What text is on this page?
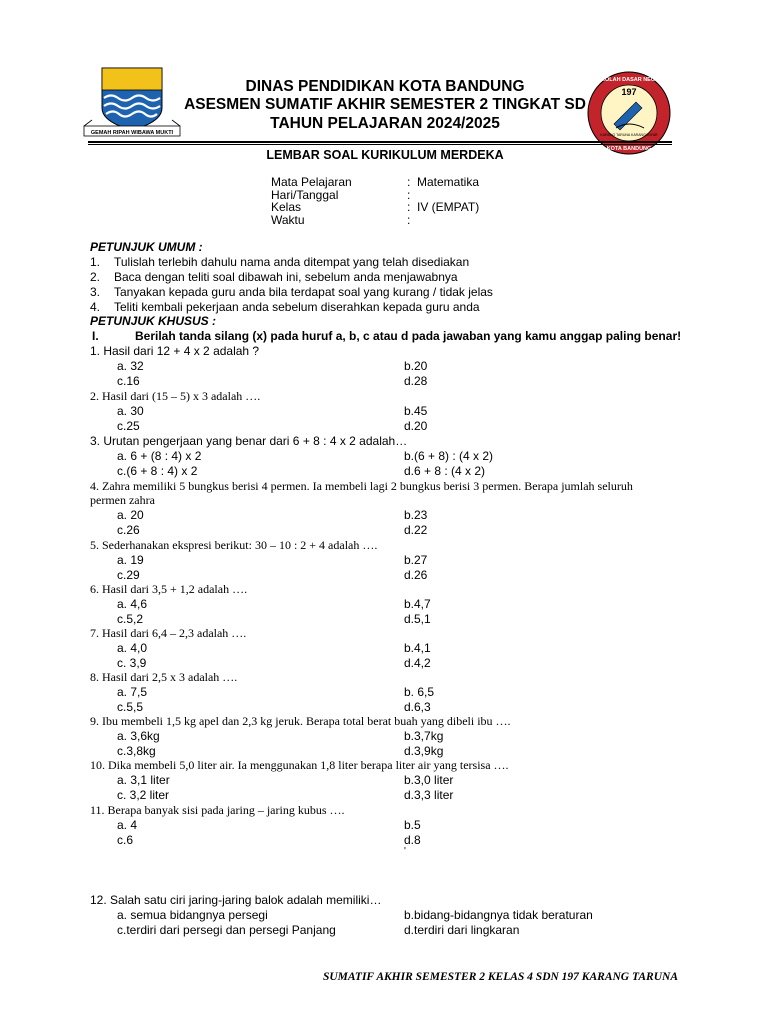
GEMAH RIPAH WIBAWA MUKTI
197
SEKOLAH DASAR NEGERI
KOTA BANDUNG
KARANG TARUNA KARANGANYAR
DINAS PENDIDIKAN KOTA BANDUNG
ASESMEN SUMATIF AKHIR SEMESTER 2 TINGKAT SD
TAHUN PELAJARAN 2024/2025
LEMBAR SOAL KURIKULUM MERDEKA
Mata Pelajaran	: Matematika
Hari/Tanggal	:
Kelas	: IV (EMPAT)
Waktu	:
PETUNJUK UMUM :
1. Tulislah terlebih dahulu nama anda ditempat yang telah disediakan
2. Baca dengan teliti soal dibawah ini, sebelum anda menjawabnya
3. Tanyakan kepada guru anda bila terdapat soal yang kurang / tidak jelas
4. Teliti kembali pekerjaan anda sebelum diserahkan kepada guru anda
PETUNJUK KHUSUS :
I.	Berilah tanda silang (x) pada huruf a, b, c atau d pada jawaban yang kamu anggap paling benar!
1. Hasil dari 12 + 4 x 2 adalah ?
a. 32	b.20
c.16	d.28
2. Hasil dari (15 – 5) x 3 adalah ….
a. 30	b.45
c.25	d.20
3. Urutan pengerjaan yang benar dari 6 + 8 : 4 x 2 adalah…
a. 6 + (8 : 4) x 2	b.(6 + 8) : (4 x 2)
c.(6 + 8 : 4) x 2	d.6 + 8 : (4 x 2)
4. Zahra memiliki 5 bungkus berisi 4 permen. Ia membeli lagi 2 bungkus berisi 3 permen. Berapa jumlah seluruh permen zahra
a. 20	b.23
c.26	d.22
5. Sederhanakan ekspresi berikut: 30 – 10 : 2 + 4 adalah ….
a. 19	b.27
c.29	d.26
6. Hasil dari 3,5 + 1,2 adalah ….
a. 4,6	b.4,7
c.5,2	d.5,1
7. Hasil dari 6,4 – 2,3 adalah ….
a. 4,0	b.4,1
c. 3,9	d.4,2
8. Hasil dari 2,5 x 3 adalah ….
a. 7,5	b. 6,5
c.5,5	d.6,3
9. Ibu membeli 1,5 kg apel dan 2,3 kg jeruk. Berapa total berat buah yang dibeli ibu ….
a. 3,6kg	b.3,7kg
c.3,8kg	d.3,9kg
10. Dika membeli 5,0 liter air. Ia menggunakan 1,8 liter berapa liter air yang tersisa ….
a. 3,1 liter	b.3,0 liter
c. 3,2 liter	d.3,3 liter
11. Berapa banyak sisi pada jaring – jaring kubus ….
a. 4	b.5
c.6	d.8
'
12. Salah satu ciri jaring-jaring balok adalah memiliki…
a. semua bidangnya persegi	b.bidang-bidangnya tidak beraturan
c.terdiri dari persegi dan persegi Panjang	d.terdiri dari lingkaran
SUMATIF AKHIR SEMESTER 2 KELAS 4 SDN 197 KARANG TARUNA
